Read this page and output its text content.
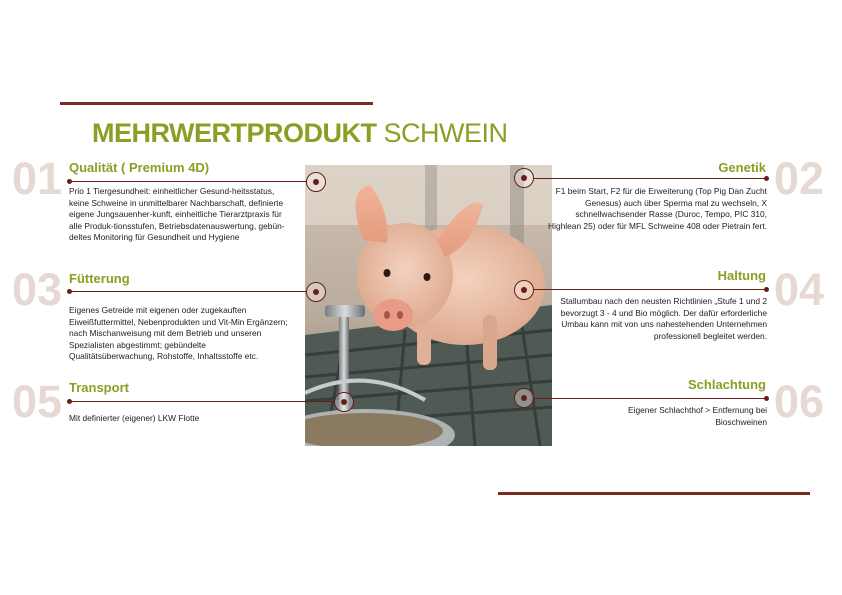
MEHRWERTPRODUKT SCHWEIN
01 Qualität ( Premium 4D)
Prio 1 Tiergesundheit: einheitlicher Gesund-heitsstatus, keine Schweine in unmittelbarer Nachbarschaft, definierte eigene Jungsauenher-kunft, einheitliche Tierarztpraxis für alle Produk-tionsstufen, Betriebsdatenauswertung, gebün-deltes Monitoring für Gesundheit und Hygiene
02
Genetik
F1 beim Start, F2 für die Erweiterung (Top Pig Dan Zucht Genesus) auch über Sperma mal zu wechseln, X schnellwachsender Rasse (Duroc, Tempo, PIC 310, Highlean 25) oder für MFL Schweine 408 oder Pietrain fert.
03 Fütterung
Eigenes Getreide mit eigenen oder zugekauften Eiweißfuttermittel, Nebenprodukten und Vit-Min Ergänzern; nach Mischanweisung mit dem Betrieb und unseren Spezialisten abgestimmt; gebündelte Qualitätsüberwachung, Rohstoffe, Inhaltsstoffe etc.
04
Haltung
Stallumbau nach den neusten Richtlinien „Stufe 1 und 2 bevorzugt 3 - 4 und Bio möglich. Der dafür erforderliche Umbau kann mit von uns nahestehenden Unternehmen professionell begleitet werden.
05 Transport
Mit definierter (eigener) LKW Flotte	06
Schlachtung
Eigener Schlachthof > Entfernung bei Bioschweinen
